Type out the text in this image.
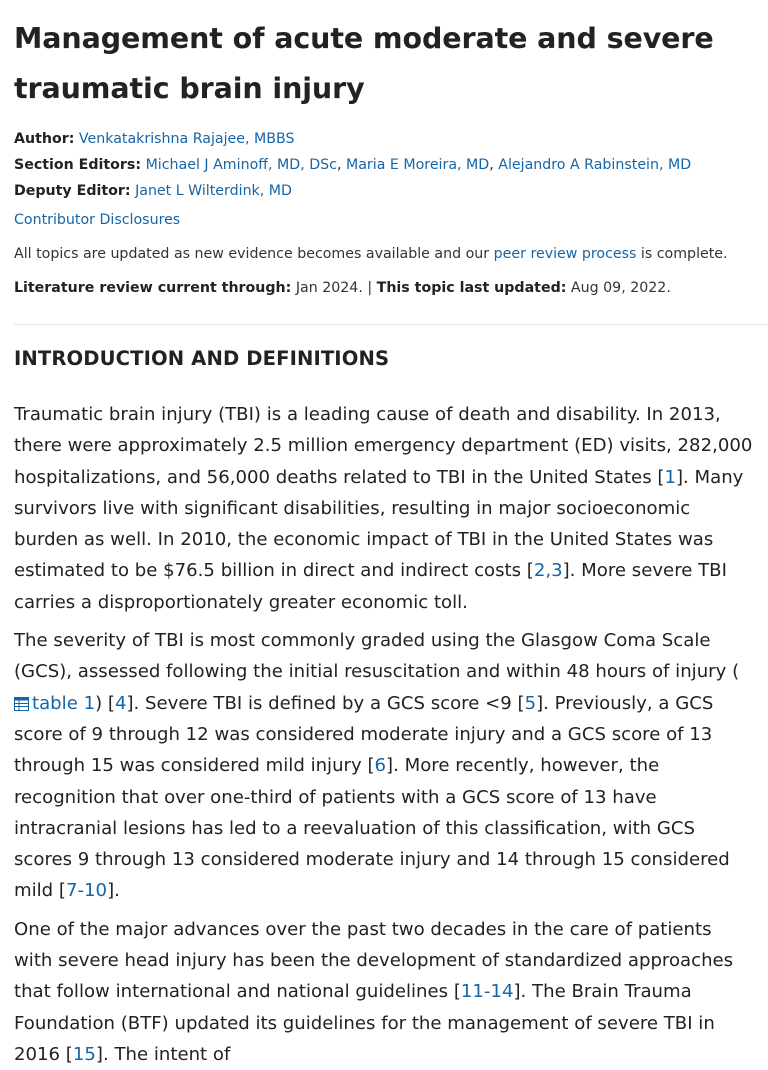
Management of acute moderate and severe
traumatic brain injury
Author: Venkatakrishna Rajajee, MBBS
Section Editors: Michael J Aminoff, MD, DSc, Maria E Moreira, MD, Alejandro A Rabinstein, MD
Deputy Editor: Janet L Wilterdink, MD
Contributor Disclosures
All topics are updated as new evidence becomes available and our peer review process is complete.
Literature review current through: Jan 2024. | This topic last updated: Aug 09, 2022.
INTRODUCTION AND DEFINITIONS

Traumatic brain injury (TBI) is a leading cause of death and disability. In 2013, there were approximately 2.5 million emergency department (ED) visits, 282,000 hospitalizations, and 56,000 deaths related to TBI in the United States [1]. Many survivors live with significant disabilities, resulting in major socioeconomic burden as well. In 2010, the economic impact of TBI in the United States was estimated to be $76.5 billion in direct and indirect costs [2,3]. More severe TBI carries a disproportionately greater economic toll.

The severity of TBI is most commonly graded using the Glasgow Coma Scale (GCS), assessed following the initial resuscitation and within 48 hours of injury (table 1) [4]. Severe TBI is defined by a GCS score <9 [5]. Previously, a GCS score of 9 through 12 was considered moderate injury and a GCS score of 13 through 15 was considered mild injury [6]. More recently, however, the recognition that over one-third of patients with a GCS score of 13 have intracranial lesions has led to a reevaluation of this classification, with GCS scores 9 through 13 considered moderate injury and 14 through 15 considered mild [7-10].

One of the major advances over the past two decades in the care of patients with severe head injury has been the development of standardized approaches that follow international and national guidelines [11-14]. The Brain Trauma Foundation (BTF) updated its guidelines for the management of severe TBI in 2016 [15]. The intent of
